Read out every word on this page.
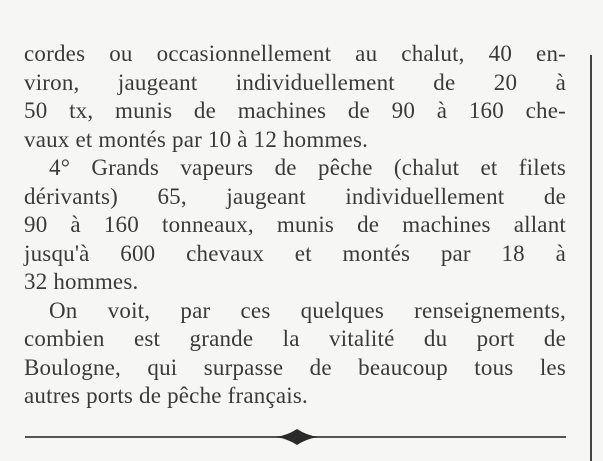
cordes ou occasionnellement au chalut, 40 en-
viron, jaugeant individuellement de 20 à
50 tx, munis de machines de 90 à 160 che-
vaux et montés par 10 à 12 hommes.
4° Grands vapeurs de pêche (chalut et filets
dérivants) 65, jaugeant individuellement de
90 à 160 tonneaux, munis de machines allant
jusqu'à 600 chevaux et montés par 18 à
32 hommes.
On voit, par ces quelques renseignements,
combien est grande la vitalité du port de
Boulogne, qui surpasse de beaucoup tous les
autres ports de pêche français.
